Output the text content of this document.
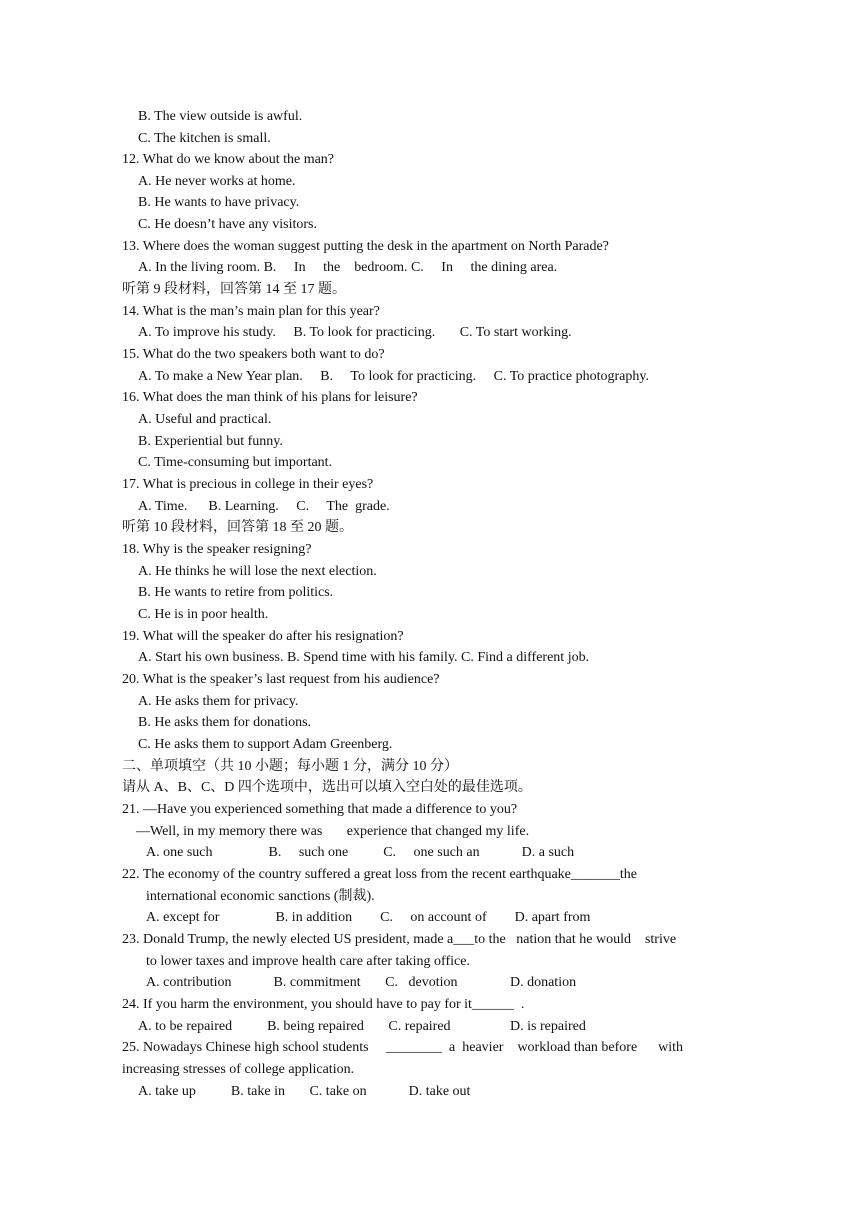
B. The view outside is awful.
C. The kitchen is small.
12. What do we know about the man?
A. He never works at home.
B. He wants to have privacy.
C. He doesn’t have any visitors.
13. Where does the woman suggest putting the desk in the apartment on North Parade?
A. In the living room. B.     In     the    bedroom. C.     In     the dining area.
听第 9 段材料，回答第 14 至 17 题。
14. What is the man’s main plan for this year?
A. To improve his study.     B. To look for practicing.       C. To start working.
15. What do the two speakers both want to do?
A. To make a New Year plan.     B.     To look for practicing.     C. To practice photography.
16. What does the man think of his plans for leisure?
A. Useful and practical.
B. Experiential but funny.
C. Time-consuming but important.
17. What is precious in college in their eyes?
A. Time.      B. Learning.     C.     The  grade.
听第 10 段材料，回答第 18 至 20 题。
18. Why is the speaker resigning?
A. He thinks he will lose the next election.
B. He wants to retire from politics.
C. He is in poor health.
19. What will the speaker do after his resignation?
A. Start his own business. B. Spend time with his family. C. Find a different job.
20. What is the speaker’s last request from his audience?
A. He asks them for privacy.
B. He asks them for donations.
C. He asks them to support Adam Greenberg.
二、单项填空（共 10 小题；每小题 1 分，满分 10 分）
请从 A、B、C、D 四个选项中，选出可以填入空白处的最佳选项。
21. —Have you experienced something that made a difference to you?
—Well, in my memory there was       experience that changed my life.
A. one such                B.     such one          C.     one such an            D. a such
22. The economy of the country suffered a great loss from the recent earthquake_______the
international economic sanctions (制裁).
A. except for                B. in addition        C.     on account of        D. apart from
23. Donald Trump, the newly elected US president, made a___to the   nation that he would    strive
to lower taxes and improve health care after taking office.
A. contribution            B. commitment       C.   devotion               D. donation
24. If you harm the environment, you should have to pay for it______  .
A. to be repaired          B. being repaired       C. repaired                 D. is repaired
25. Nowadays Chinese high school students     ________  a  heavier    workload than before      with
increasing stresses of college application.
A. take up          B. take in       C. take on            D. take out
